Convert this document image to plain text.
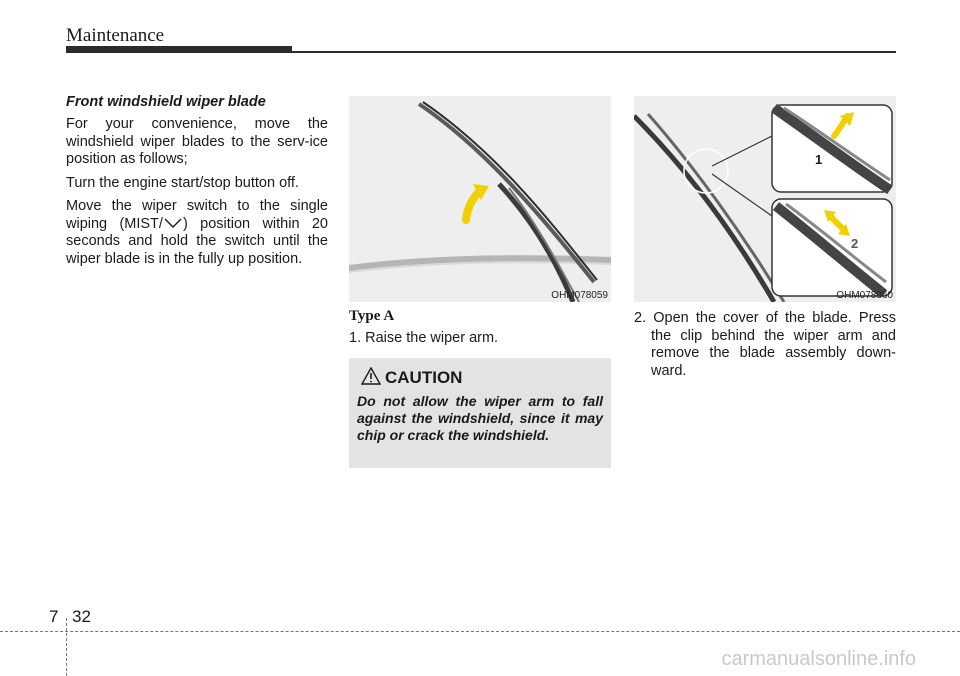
Maintenance

Front windshield wiper blade

For your convenience, move the windshield wiper blades to the serv-ice position as follows;

Turn the engine start/stop button off.

Move the wiper switch to the single wiping (MIST/ ) position within 20 seconds and hold the switch until the wiper blade is in the fully up position.

OHM078059
1
2
OHM078060
Type A
1. Raise the wiper arm.
CAUTION
Do not allow the wiper arm to fall against the windshield, since it may chip or crack the windshield.
2. Open the cover of the blade. Press the clip behind the wiper arm and remove the blade assembly down-ward.
7 32
carmanualsonline.info
